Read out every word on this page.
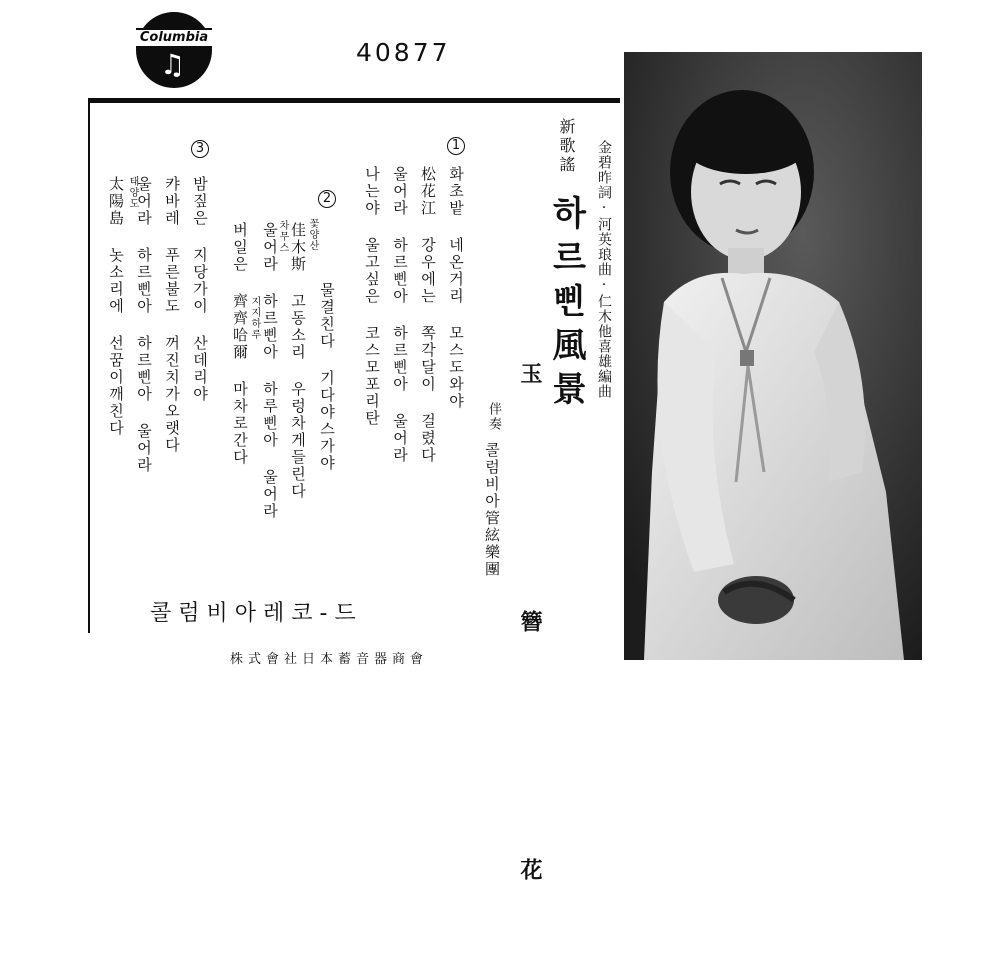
Columbia
♫	40877
新歌謠
하르삔風景 金碧昨詞·河英琅曲·仁木他喜雄編曲
玉 簪 花
伴奏
콜럼비아管絃樂團
1
화초밭 네온거리 모스도와야
松花江 강우에는 쪽각달이 걸렸다
울어라 하르삔아 하르삔아 울어라
나는야 울고싶은 코스모포리탄
2
꽃양산
물결친다 기다야스가야
차무스 佳木斯 고동소리 우렁차게들린다
지지하루 울어라 하르삔아 하루삔아 울어라
버일은 齊齊哈爾 마차로간다
3
밤짚은 지당가이 산데리야
캬바레 푸른불도 꺼진치가오랫다
울어라 하르삔아 하르삔아 울어라
태양도
太陽島 놋소리에 선꿈이깨친다
콜럼비아레코-드
株式會社日本蓄音器商會
